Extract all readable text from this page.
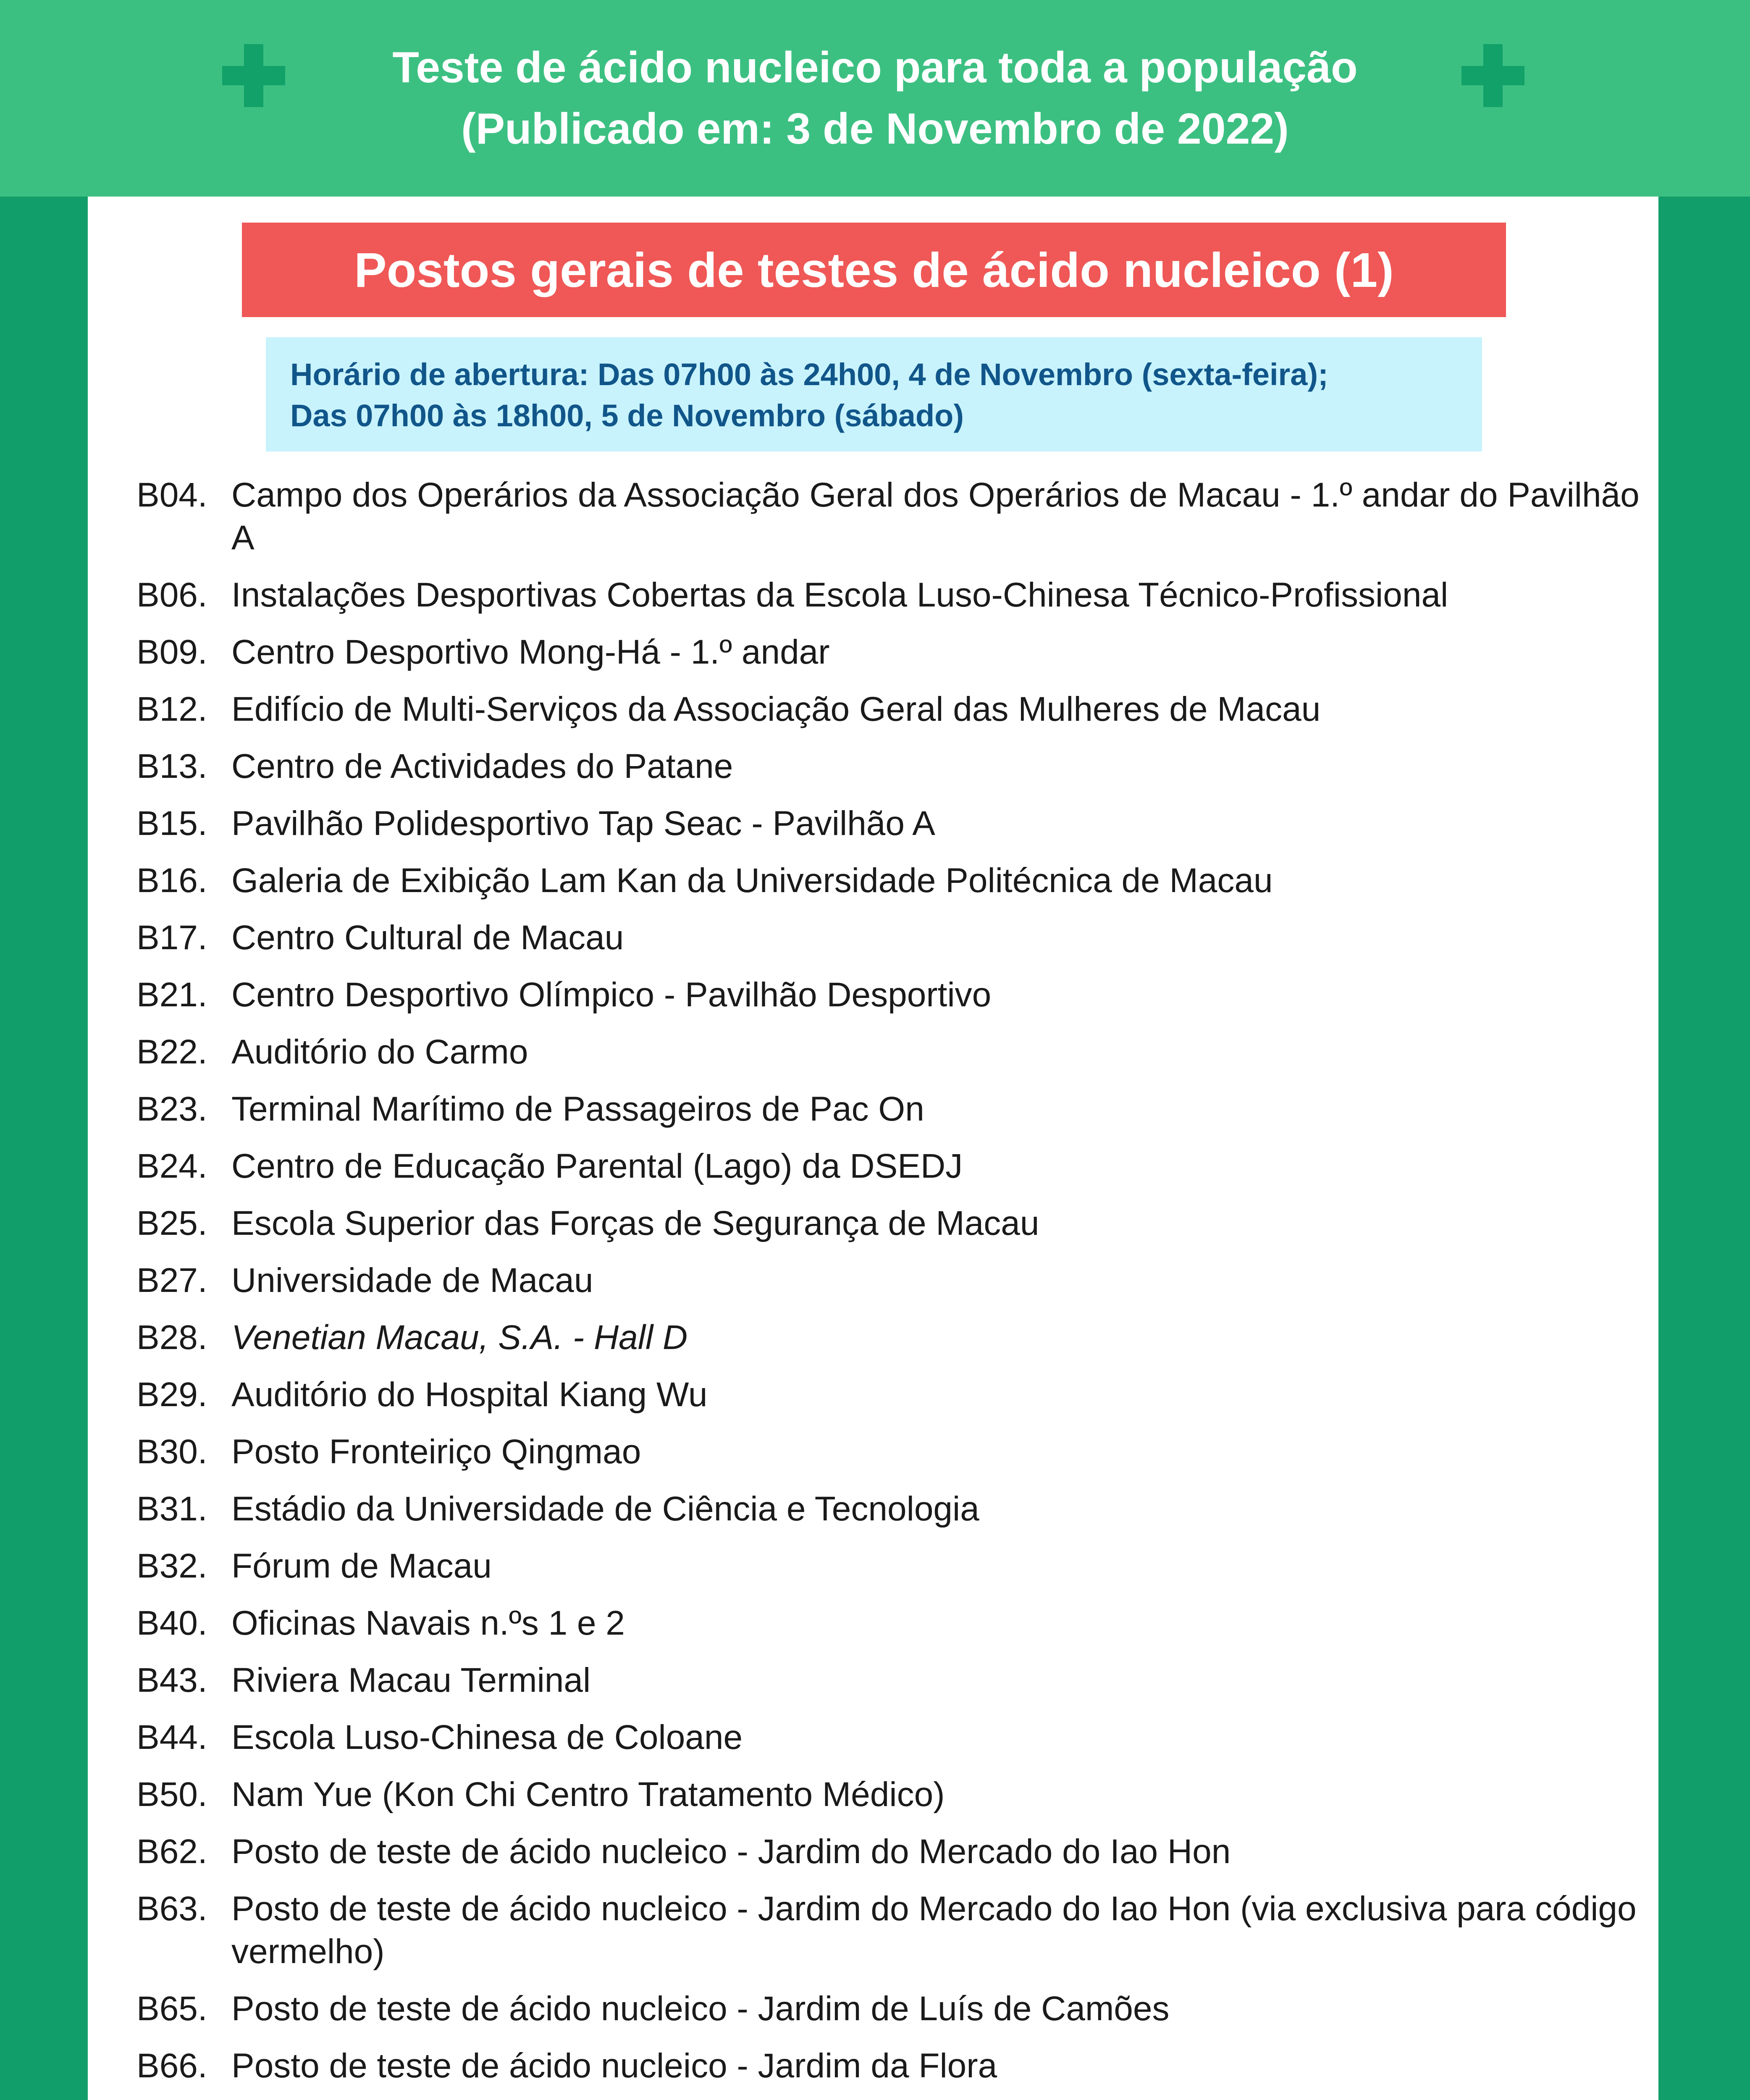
Teste de ácido nucleico para toda a população
(Publicado em: 3 de Novembro de 2022)
Postos gerais de testes de ácido nucleico (1)
Horário de abertura: Das 07h00 às 24h00, 4 de Novembro (sexta-feira);
Das 07h00 às 18h00, 5 de Novembro (sábado)
B04. Campo dos Operários da Associação Geral dos Operários de Macau - 1.º andar do Pavilhão A
B06. Instalações Desportivas Cobertas da Escola Luso-Chinesa Técnico-Profissional
B09. Centro Desportivo Mong-Há - 1.º andar
B12. Edifício de Multi-Serviços da Associação Geral das Mulheres de Macau
B13. Centro de Actividades do Patane
B15. Pavilhão Polidesportivo Tap Seac - Pavilhão A
B16. Galeria de Exibição Lam Kan da Universidade Politécnica de Macau
B17. Centro Cultural de Macau
B21. Centro Desportivo Olímpico - Pavilhão Desportivo
B22. Auditório do Carmo
B23. Terminal Marítimo de Passageiros de Pac On
B24. Centro de Educação Parental (Lago) da DSEDJ
B25. Escola Superior das Forças de Segurança de Macau
B27. Universidade de Macau
B28. Venetian Macau, S.A. - Hall D
B29. Auditório do Hospital Kiang Wu
B30. Posto Fronteiriço Qingmao
B31. Estádio da Universidade de Ciência e Tecnologia
B32. Fórum de Macau
B40. Oficinas Navais n.ºs 1 e 2
B43. Riviera Macau Terminal
B44. Escola Luso-Chinesa de Coloane
B50. Nam Yue (Kon Chi Centro Tratamento Médico)
B62. Posto de teste de ácido nucleico - Jardim do Mercado do Iao Hon
B63. Posto de teste de ácido nucleico - Jardim do Mercado do Iao Hon (via exclusiva para código vermelho)
B65. Posto de teste de ácido nucleico - Jardim de Luís de Camões
B66. Posto de teste de ácido nucleico - Jardim da Flora
